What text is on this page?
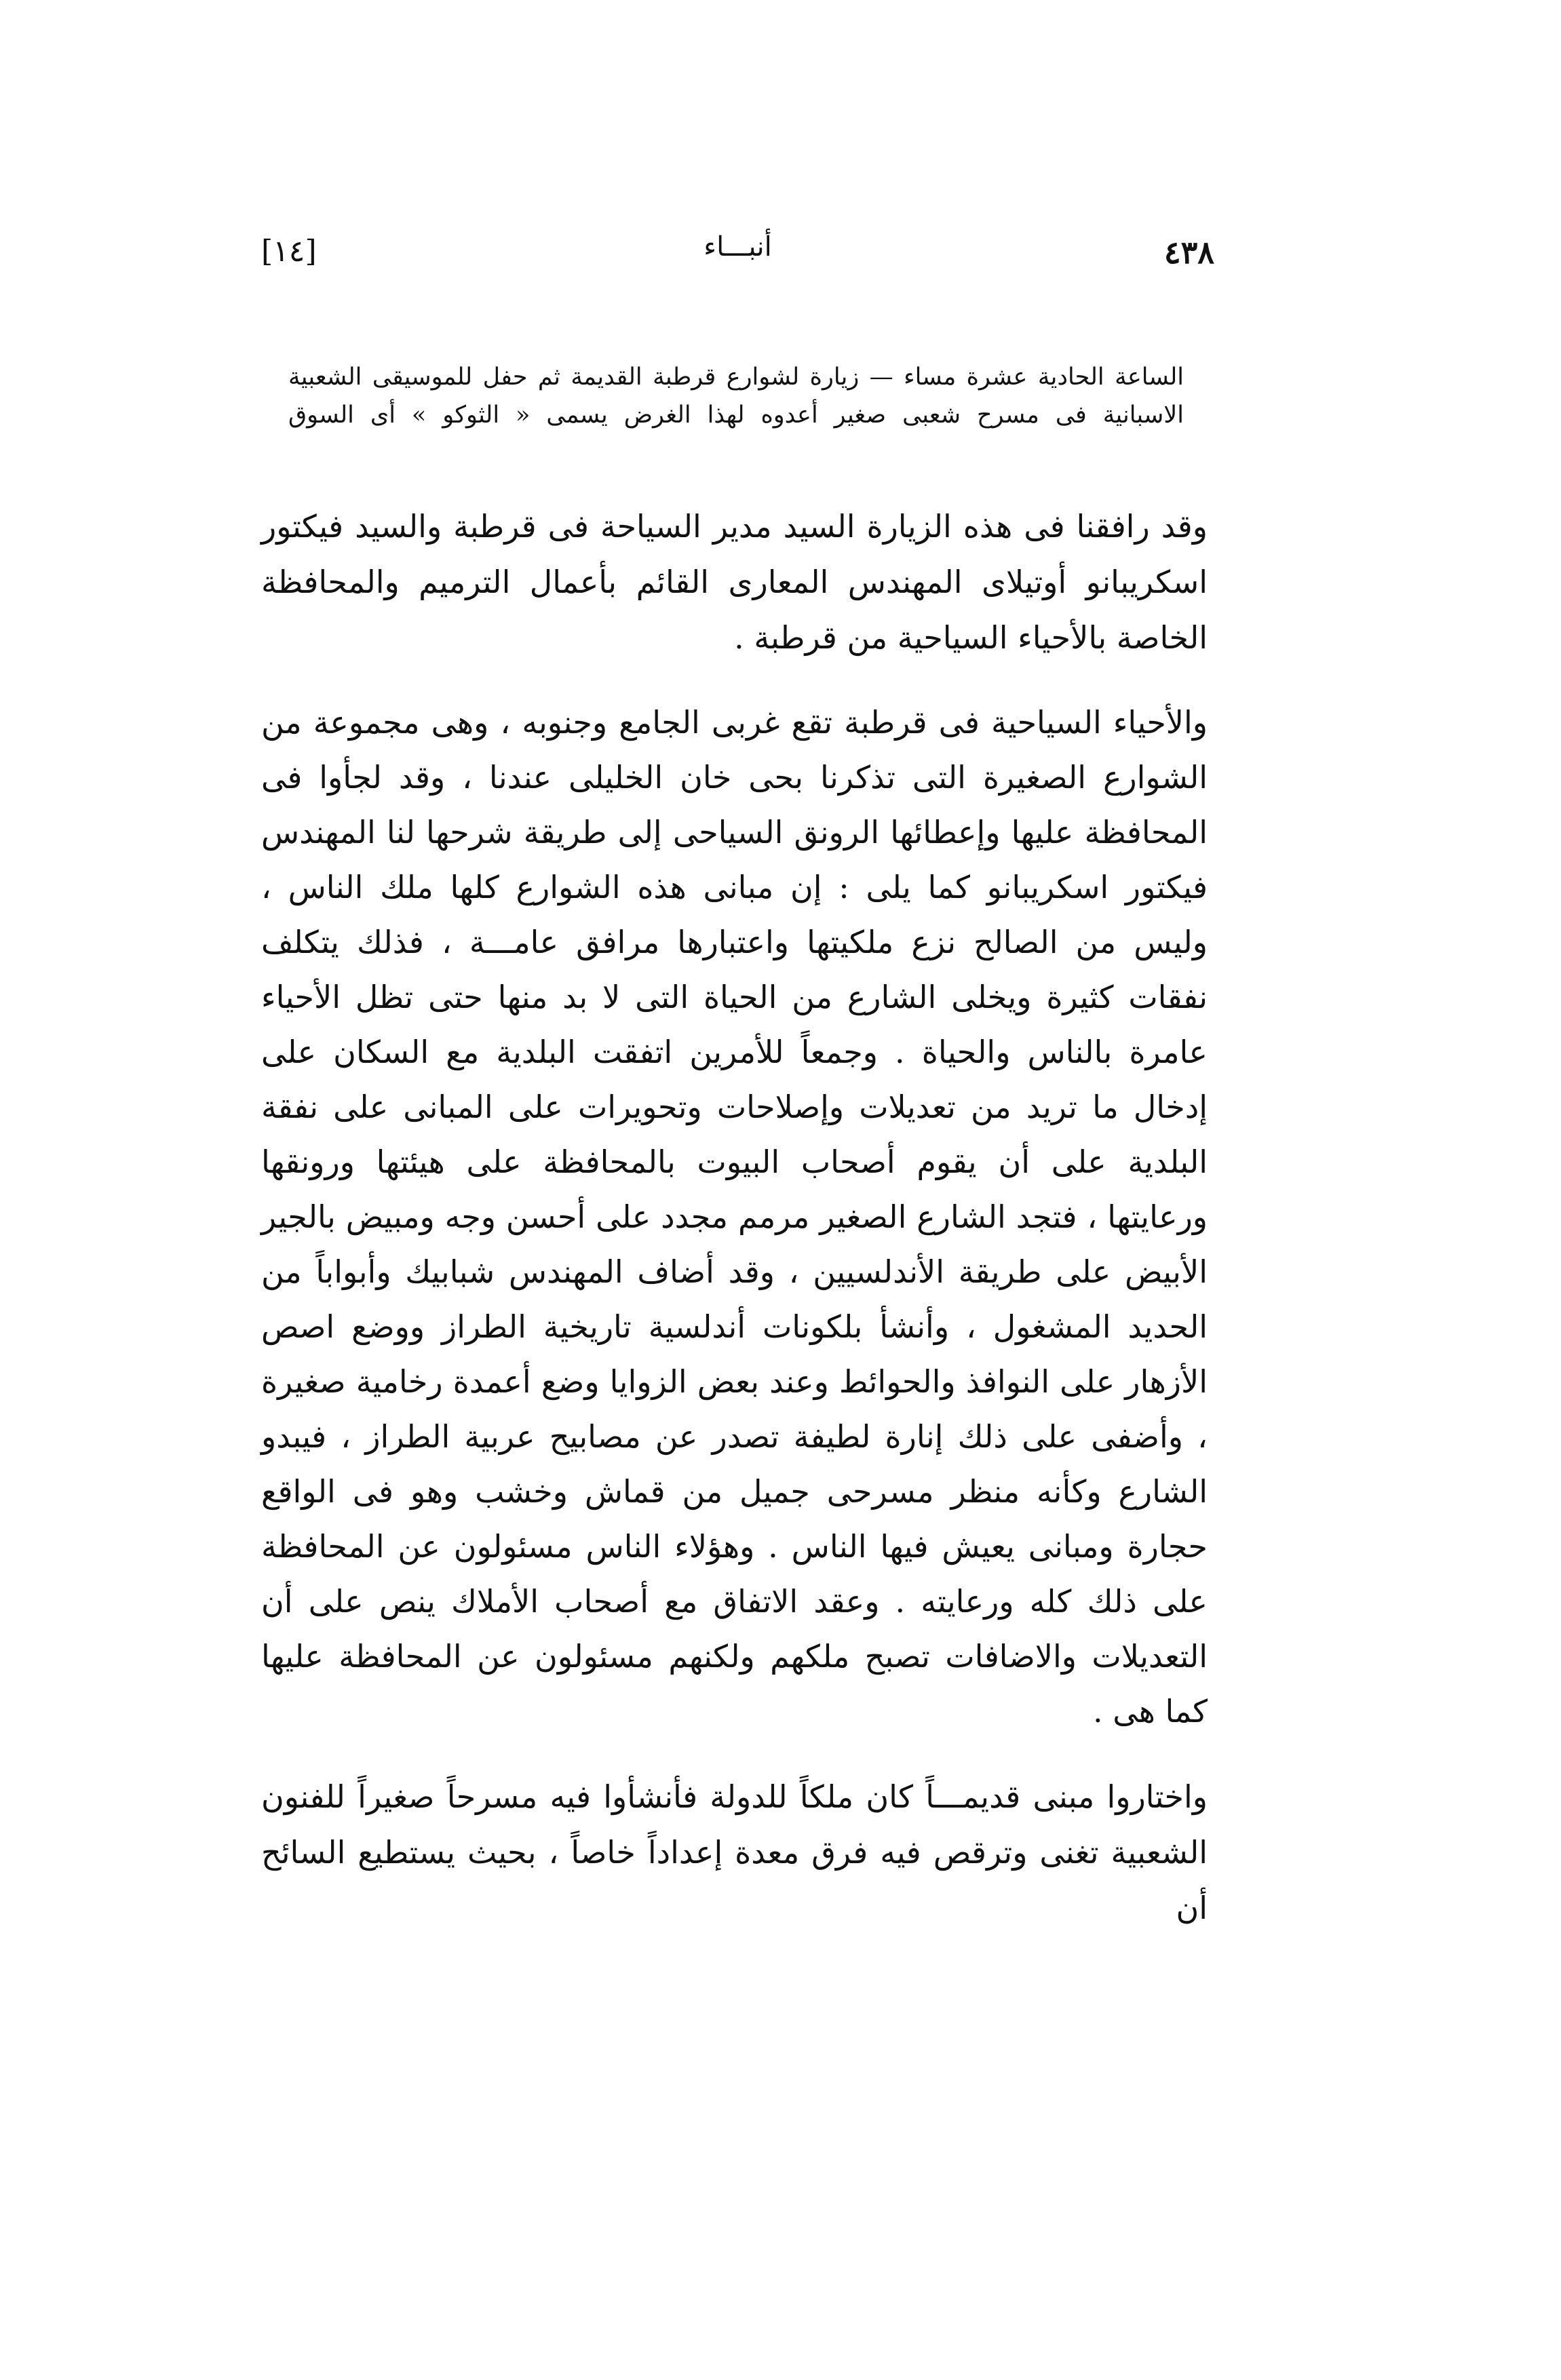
٤٣٨
أنبـــاء
[١٤]
الساعة الحادية عشرة مساء — زيارة لشوارع قرطبة القديمة ثم حفل للموسيقى الشعبية
الاسبانية فى مسرح شعبى صغير أعدوه لهذا الغرض يسمى « الثوكو » أى السوق

وقد رافقنا فى هذه الزيارة السيد مدير السياحة فى قرطبة والسيد فيكتور اسكريبانو أوتيلاى المهندس المعارى القائم بأعمال الترميم والمحافظة الخاصة بالأحياء السياحية من قرطبة .

والأحياء السياحية فى قرطبة تقع غربى الجامع وجنوبه ، وهى مجموعة من الشوارع الصغيرة التى تذكرنا بحى خان الخليلى عندنا ، وقد لجأوا فى المحافظة عليها وإعطائها الرونق السياحى إلى طريقة شرحها لنا المهندس فيكتور اسكريبانو كما يلى : إن مبانى هذه الشوارع كلها ملك الناس ، وليس من الصالح نزع ملكيتها واعتبارها مرافق عامـــة ، فذلك يتكلف نفقات كثيرة ويخلى الشارع من الحياة التى لا بد منها حتى تظل الأحياء عامرة بالناس والحياة . وجمعاً للأمرين اتفقت البلدية مع السكان على إدخال ما تريد من تعديلات وإصلاحات وتحويرات على المبانى على نفقة البلدية على أن يقوم أصحاب البيوت بالمحافظة على هيئتها ورونقها ورعايتها ، فتجد الشارع الصغير مرمم مجدد على أحسن وجه ومبيض بالجير الأبيض على طريقة الأندلسيين ، وقد أضاف المهندس شبابيك وأبواباً من الحديد المشغول ، وأنشأ بلكونات أندلسية تاريخية الطراز ووضع اصص الأزهار على النوافذ والحوائط وعند بعض الزوايا وضع أعمدة رخامية صغيرة ، وأضفى على ذلك إنارة لطيفة تصدر عن مصابيح عربية الطراز ، فيبدو الشارع وكأنه منظر مسرحى جميل من قماش وخشب وهو فى الواقع حجارة ومبانى يعيش فيها الناس . وهؤلاء الناس مسئولون عن المحافظة على ذلك كله ورعايته . وعقد الاتفاق مع أصحاب الأملاك ينص على أن التعديلات والاضافات تصبح ملكهم ولكنهم مسئولون عن المحافظة عليها كما هى .

واختاروا مبنى قديمـــاً كان ملكاً للدولة فأنشأوا فيه مسرحاً صغيراً للفنون الشعبية تغنى وترقص فيه فرق معدة إعداداً خاصاً ، بحيث يستطيع السائح أن
